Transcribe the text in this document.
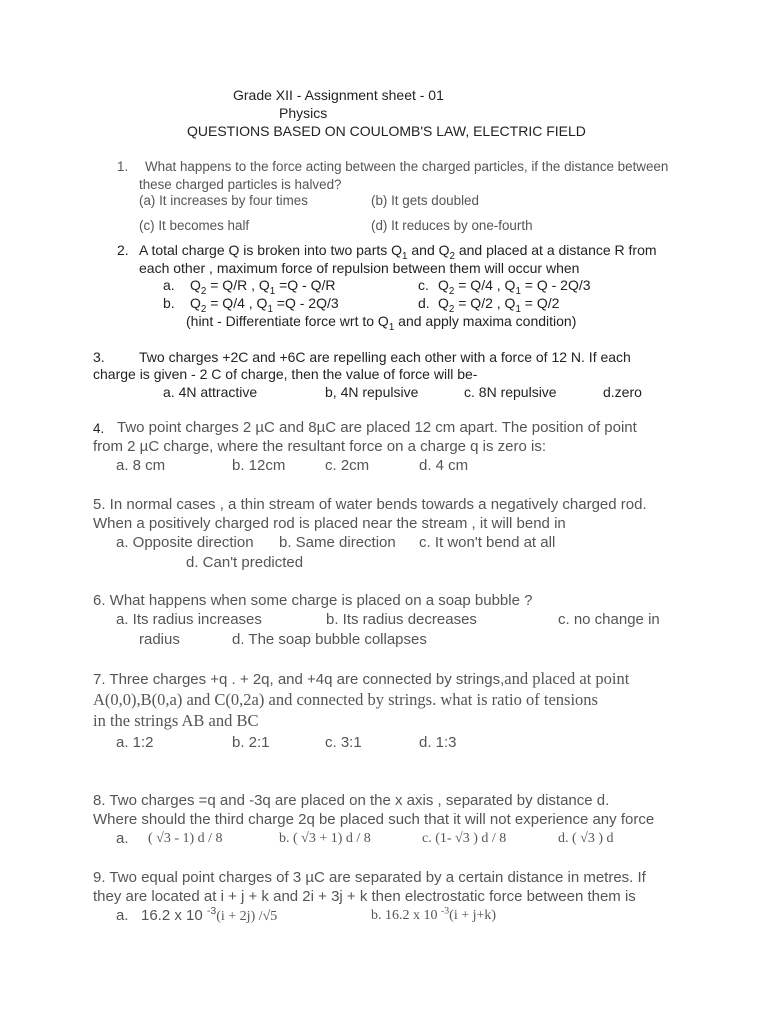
Grade XII - Assignment sheet - 01
Physics
QUESTIONS BASED ON COULOMB'S LAW, ELECTRIC FIELD
1. What happens to the force acting between the charged particles, if the distance between
these charged particles is halved?
(a) It increases by four times	(b) It gets doubled
(c) It becomes half	(d) It reduces by one-fourth
2. A total charge Q is broken into two parts $Q_1$ and $Q_2$ and placed at a distance R from
each other , maximum force of repulsion between them will occur when
a. $Q_2 = Q/R$ , $Q_1 =Q - Q/R$	c. $Q_2 = Q/4$ , $Q_1 = Q - 2Q/3$
b. $Q_2 = Q/4$ , $Q_1 =Q - 2Q/3$	d. $Q_2 = Q/2$ , $Q_1 = Q/2$
(hint - Differentiate force wrt to $Q_1$ and apply maxima condition)
3. Two charges +2C and +6C are repelling each other with a force of 12 N. If each
charge is given - 2 C of charge, then the value of force will be-
a. 4N attractive	b, 4N repulsive	c. 8N repulsive	d.zero
4. Two point charges 2 µC and 8µC are placed 12 cm apart. The position of point
from 2 µC charge, where the resultant force on a charge q is zero is:
a. 8 cm	b. 12cm	c. 2cm	d. 4 cm
5. In normal cases , a thin stream of water bends towards a negatively charged rod.
When a positively charged rod is placed near the stream , it will bend in
a. Opposite direction b. Same direction c. It won't bend at all
d. Can't predicted
6. What happens when some charge is placed on a soap bubble ?
a. Its radius increases	b. Its radius decreases	c. no change in
radius	d. The soap bubble collapses
7. Three charges +q . + 2q, and +4q are connected by strings,and placed at point
A(0,0),B(0,a) and C(0,2a) and connected by strings. what is ratio of tensions
in the strings AB and BC
a. 1:2	b. 2:1	c. 3:1	d. 1:3
8. Two charges =q and -3q are placed on the x axis , separated by distance d.
Where should the third charge 2q be placed such that it will not experience any force
a. ( √3 - 1) d / 8	b. ( √3 + 1) d / 8	c. (1- √3 ) d / 8	d. ( √3 ) d
9. Two equal point charges of 3 µC are separated by a certain distance in metres. If
they are located at i + j + k and 2i + 3j + k then electrostatic force between them is
a. 16.2 x 10 $^{-3}$(i + 2j) /√5	b. 16.2 x 10 $^{-3}$(i + j+k)
